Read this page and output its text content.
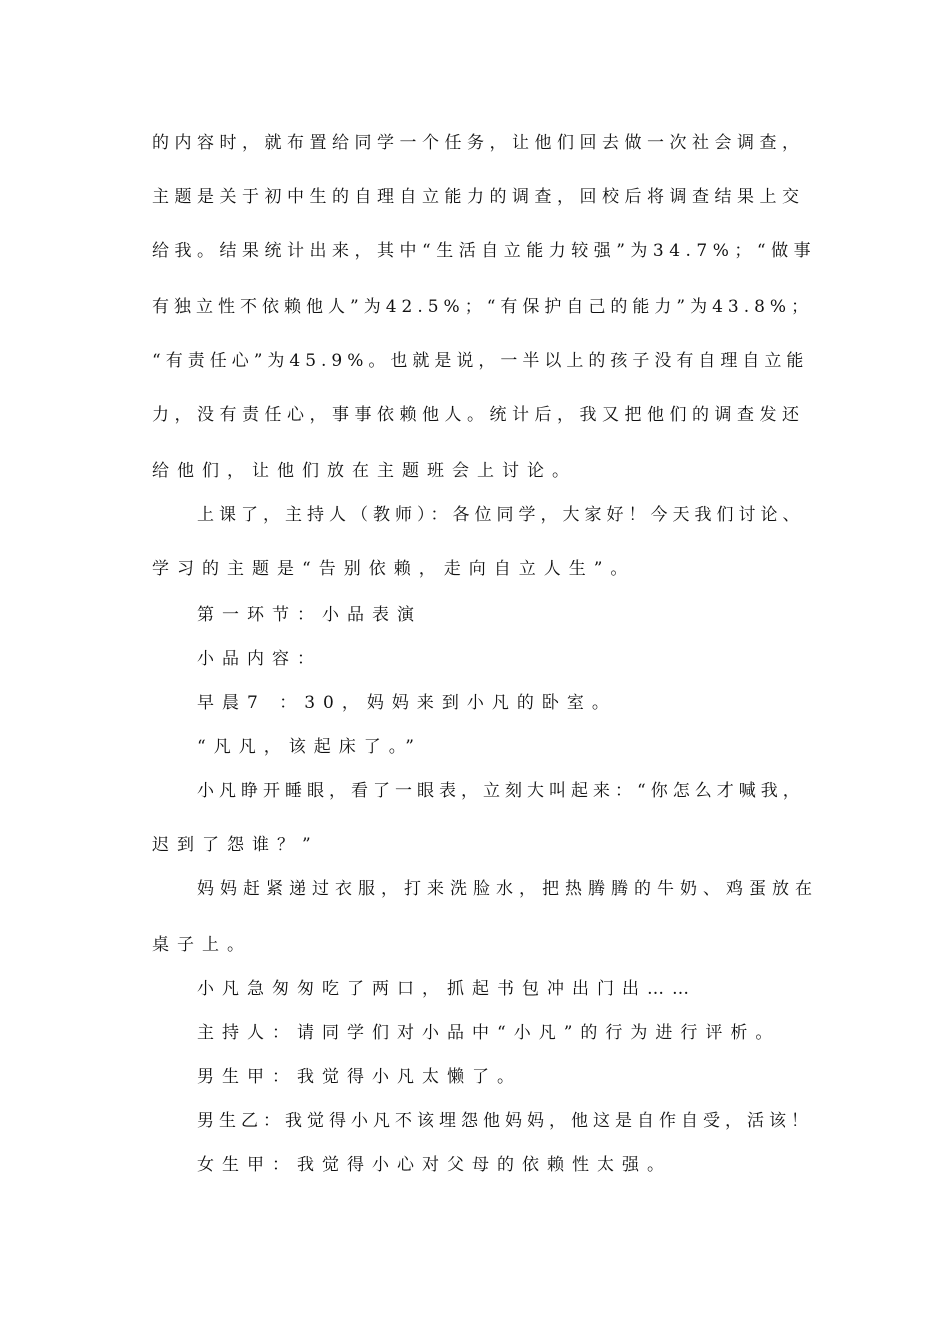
的内容时，就布置给同学一个任务，让他们回去做一次社会调查，
主题是关于初中生的自理自立能力的调查，回校后将调查结果上交
给我。结果统计出来，其中“生活自立能力较强”为34.7%；“做事
有独立性不依赖他人”为42.5%；“有保护自己的能力”为43.8%；
“有责任心”为45.9%。也就是说，一半以上的孩子没有自理自立能
力，没有责任心，事事依赖他人。统计后，我又把他们的调查发还
给他们，让他们放在主题班会上讨论。
上课了，主持人（教师）：各位同学，大家好！今天我们讨论、
学习的主题是“告别依赖，走向自立人生”。
第一环节：小品表演
小品内容：
早晨7 ：30，妈妈来到小凡的卧室。
“凡凡，该起床了。”
小凡睁开睡眼，看了一眼表，立刻大叫起来：“你怎么才喊我，
迟到了怨谁？”
妈妈赶紧递过衣服，打来洗脸水，把热腾腾的牛奶、鸡蛋放在
桌子上。
小凡急匆匆吃了两口，抓起书包冲出门出……
主持人：请同学们对小品中“小凡”的行为进行评析。
男生甲：我觉得小凡太懒了。
男生乙：我觉得小凡不该埋怨他妈妈，他这是自作自受，活该！
女生甲：我觉得小心对父母的依赖性太强。
